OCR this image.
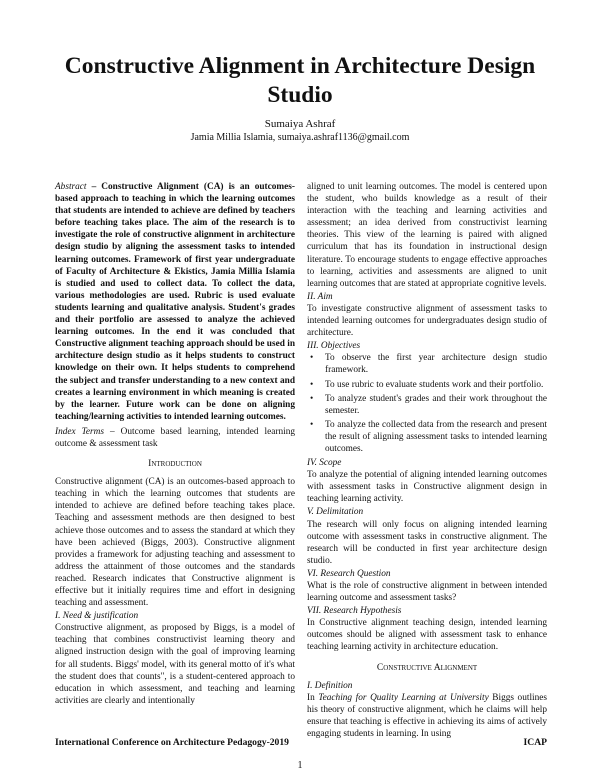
Constructive Alignment in Architecture Design Studio
Sumaiya Ashraf
Jamia Millia Islamia, sumaiya.ashraf1136@gmail.com

Abstract – Constructive Alignment (CA) is an outcomes-based approach to teaching in which the learning outcomes that students are intended to achieve are defined by teachers before teaching takes place. The aim of the research is to investigate the role of constructive alignment in architecture design studio by aligning the assessment tasks to intended learning outcomes. Framework of first year undergraduate of Faculty of Architecture & Ekistics, Jamia Millia Islamia is studied and used to collect data. To collect the data, various methodologies are used. Rubric is used evaluate students learning and qualitative analysis. Student's grades and their portfolio are assessed to analyze the achieved learning outcomes. In the end it was concluded that Constructive alignment teaching approach should be used in architecture design studio as it helps students to construct knowledge on their own. It helps students to comprehend the subject and transfer understanding to a new context and creates a learning environment in which meaning is created by the learner. Future work can be done on aligning teaching/learning activities to intended learning outcomes.

Index Terms – Outcome based learning, intended learning outcome & assessment task

Introduction

Constructive alignment (CA) is an outcomes-based approach to teaching in which the learning outcomes that students are intended to achieve are defined before teaching takes place. Teaching and assessment methods are then designed to best achieve those outcomes and to assess the standard at which they have been achieved (Biggs, 2003). Constructive alignment provides a framework for adjusting teaching and assessment to address the attainment of those outcomes and the standards reached. Research indicates that Constructive alignment is effective but it initially requires time and effort in designing teaching and assessment.

I. Need & justification

Constructive alignment, as proposed by Biggs, is a model of teaching that combines constructivist learning theory and aligned instruction design with the goal of improving learning for all students. Biggs' model, with its general motto of it's what the student does that counts", is a student-centered approach to education in which assessment, and teaching and learning activities are clearly and intentionally

aligned to unit learning outcomes. The model is centered upon the student, who builds knowledge as a result of their interaction with the teaching and learning activities and assessment; an idea derived from constructivist learning theories. This view of the learning is paired with aligned curriculum that has its foundation in instructional design literature. To encourage students to engage effective approaches to learning, activities and assessments are aligned to unit learning outcomes that are stated at appropriate cognitive levels.

II. Aim

To investigate constructive alignment of assessment tasks to intended learning outcomes for undergraduates design studio of architecture.

III. Objectives
• To observe the first year architecture design studio framework.
• To use rubric to evaluate students work and their portfolio.
• To analyze student's grades and their work throughout the semester.
• To analyze the collected data from the research and present the result of aligning assessment tasks to intended learning outcomes.
IV. Scope

To analyze the potential of aligning intended learning outcomes with assessment tasks in Constructive alignment design in teaching learning activity.

V. Delimitation

The research will only focus on aligning intended learning outcome with assessment tasks in constructive alignment. The research will be conducted in first year architecture design studio.

VI. Research Question

What is the role of constructive alignment in between intended learning outcome and assessment tasks?

VII. Research Hypothesis

In Constructive alignment teaching design, intended learning outcomes should be aligned with assessment task to enhance teaching learning activity in architecture education.

Constructive Alignment
I. Definition

In Teaching for Quality Learning at University Biggs outlines his theory of constructive alignment, which he claims will help ensure that teaching is effective in achieving its aims of actively engaging students in learning. In using

International Conference on Architecture Pedagogy-2019	ICAP
1
